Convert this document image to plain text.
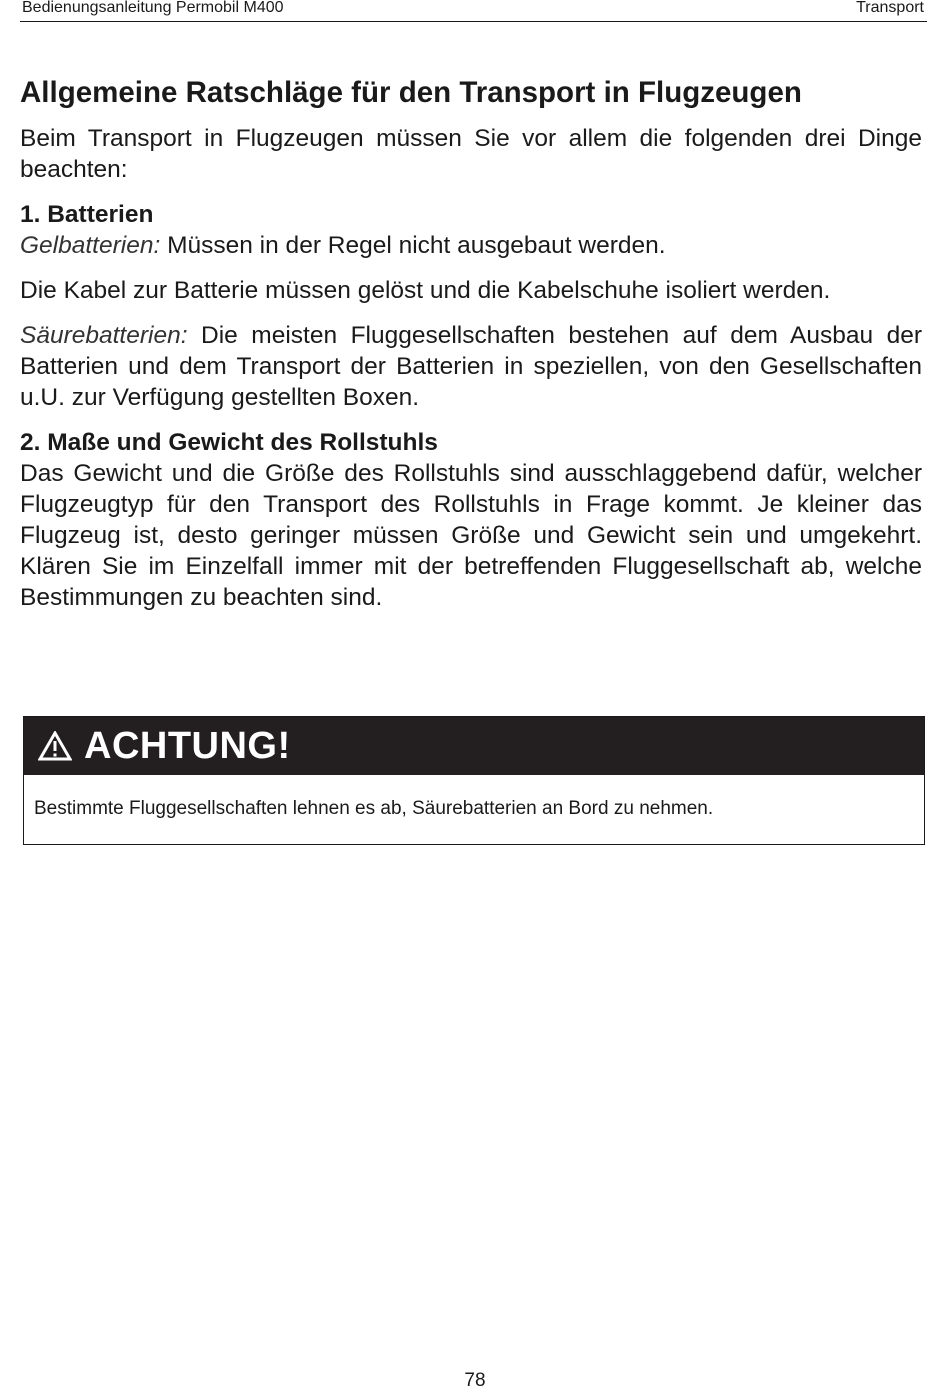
Bedienungsanleitung Permobil M400	Transport
Allgemeine Ratschläge für den Transport in Flugzeugen

Beim Transport in Flugzeugen müssen Sie vor allem die folgenden drei Dinge beachten:

1. Batterien
Gelbatterien: Müssen in der Regel nicht ausgebaut werden.

Die Kabel zur Batterie müssen gelöst und die Kabelschuhe isoliert werden.

Säurebatterien: Die meisten Fluggesellschaften bestehen auf dem Ausbau der Batterien und dem Transport der Batterien in speziellen, von den Gesellschaften u.U. zur Verfügung gestellten Boxen.

2. Maße und Gewicht des Rollstuhls
Das Gewicht und die Größe des Rollstuhls sind ausschlaggebend dafür, welcher Flugzeugtyp für den Transport des Rollstuhls in Frage kommt. Je kleiner das Flugzeug ist, desto geringer müssen Größe und Gewicht sein und umgekehrt. Klären Sie im Einzelfall immer mit der betreffenden Fluggesellschaft ab, welche Bestimmungen zu beachten sind.

ACHTUNG!
Bestimmte Fluggesellschaften lehnen es ab, Säurebatterien an Bord zu nehmen.
78
